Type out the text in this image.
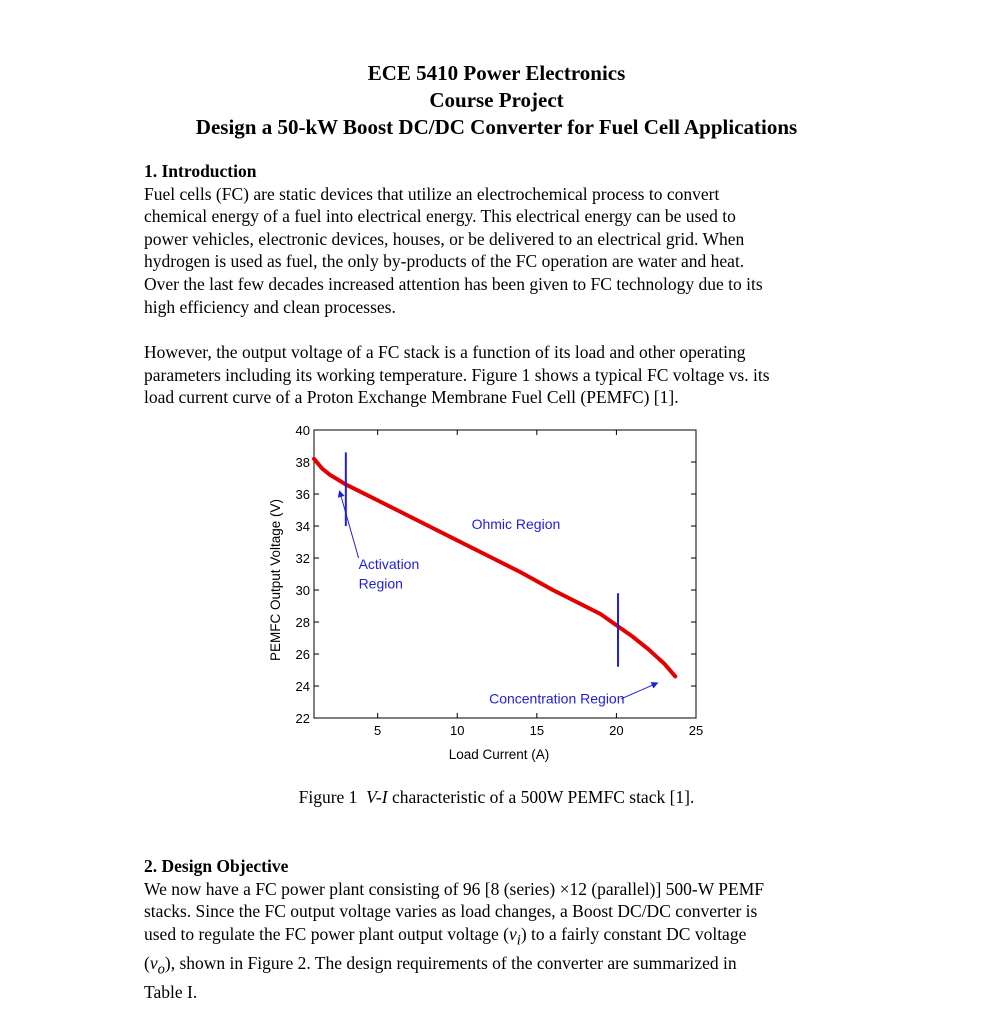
ECE 5410 Power Electronics
Course Project
Design a 50-kW Boost DC/DC Converter for Fuel Cell Applications
1. Introduction
Fuel cells (FC) are static devices that utilize an electrochemical process to convert
chemical energy of a fuel into electrical energy. This electrical energy can be used to
power vehicles, electronic devices, houses, or be delivered to an electrical grid. When
hydrogen is used as fuel, the only by-products of the FC operation are water and heat.
Over the last few decades increased attention has been given to FC technology due to its
high efficiency and clean processes.
However, the output voltage of a FC stack is a function of its load and other operating
parameters including its working temperature. Figure 1 shows a typical FC voltage vs. its
load current curve of a Proton Exchange Membrane Fuel Cell (PEMFC) [1].
5	10	15	20	25
22
24
26
28
30
32
34
36
38
40
Load Current (A)
PEMFC Output Voltage (V)	Activation
Region
Ohmic Region
Concentration Region
Figure 1  V-I characteristic of a 500W PEMFC stack [1].
2. Design Objective
We now have a FC power plant consisting of 96 [8 (series) ×12 (parallel)] 500-W PEMF
stacks. Since the FC output voltage varies as load changes, a Boost DC/DC converter is
used to regulate the FC power plant output voltage $(v_i)$ to a fairly constant DC voltage
$(v_o)$, shown in Figure 2. The design requirements of the converter are summarized in
Table I.
